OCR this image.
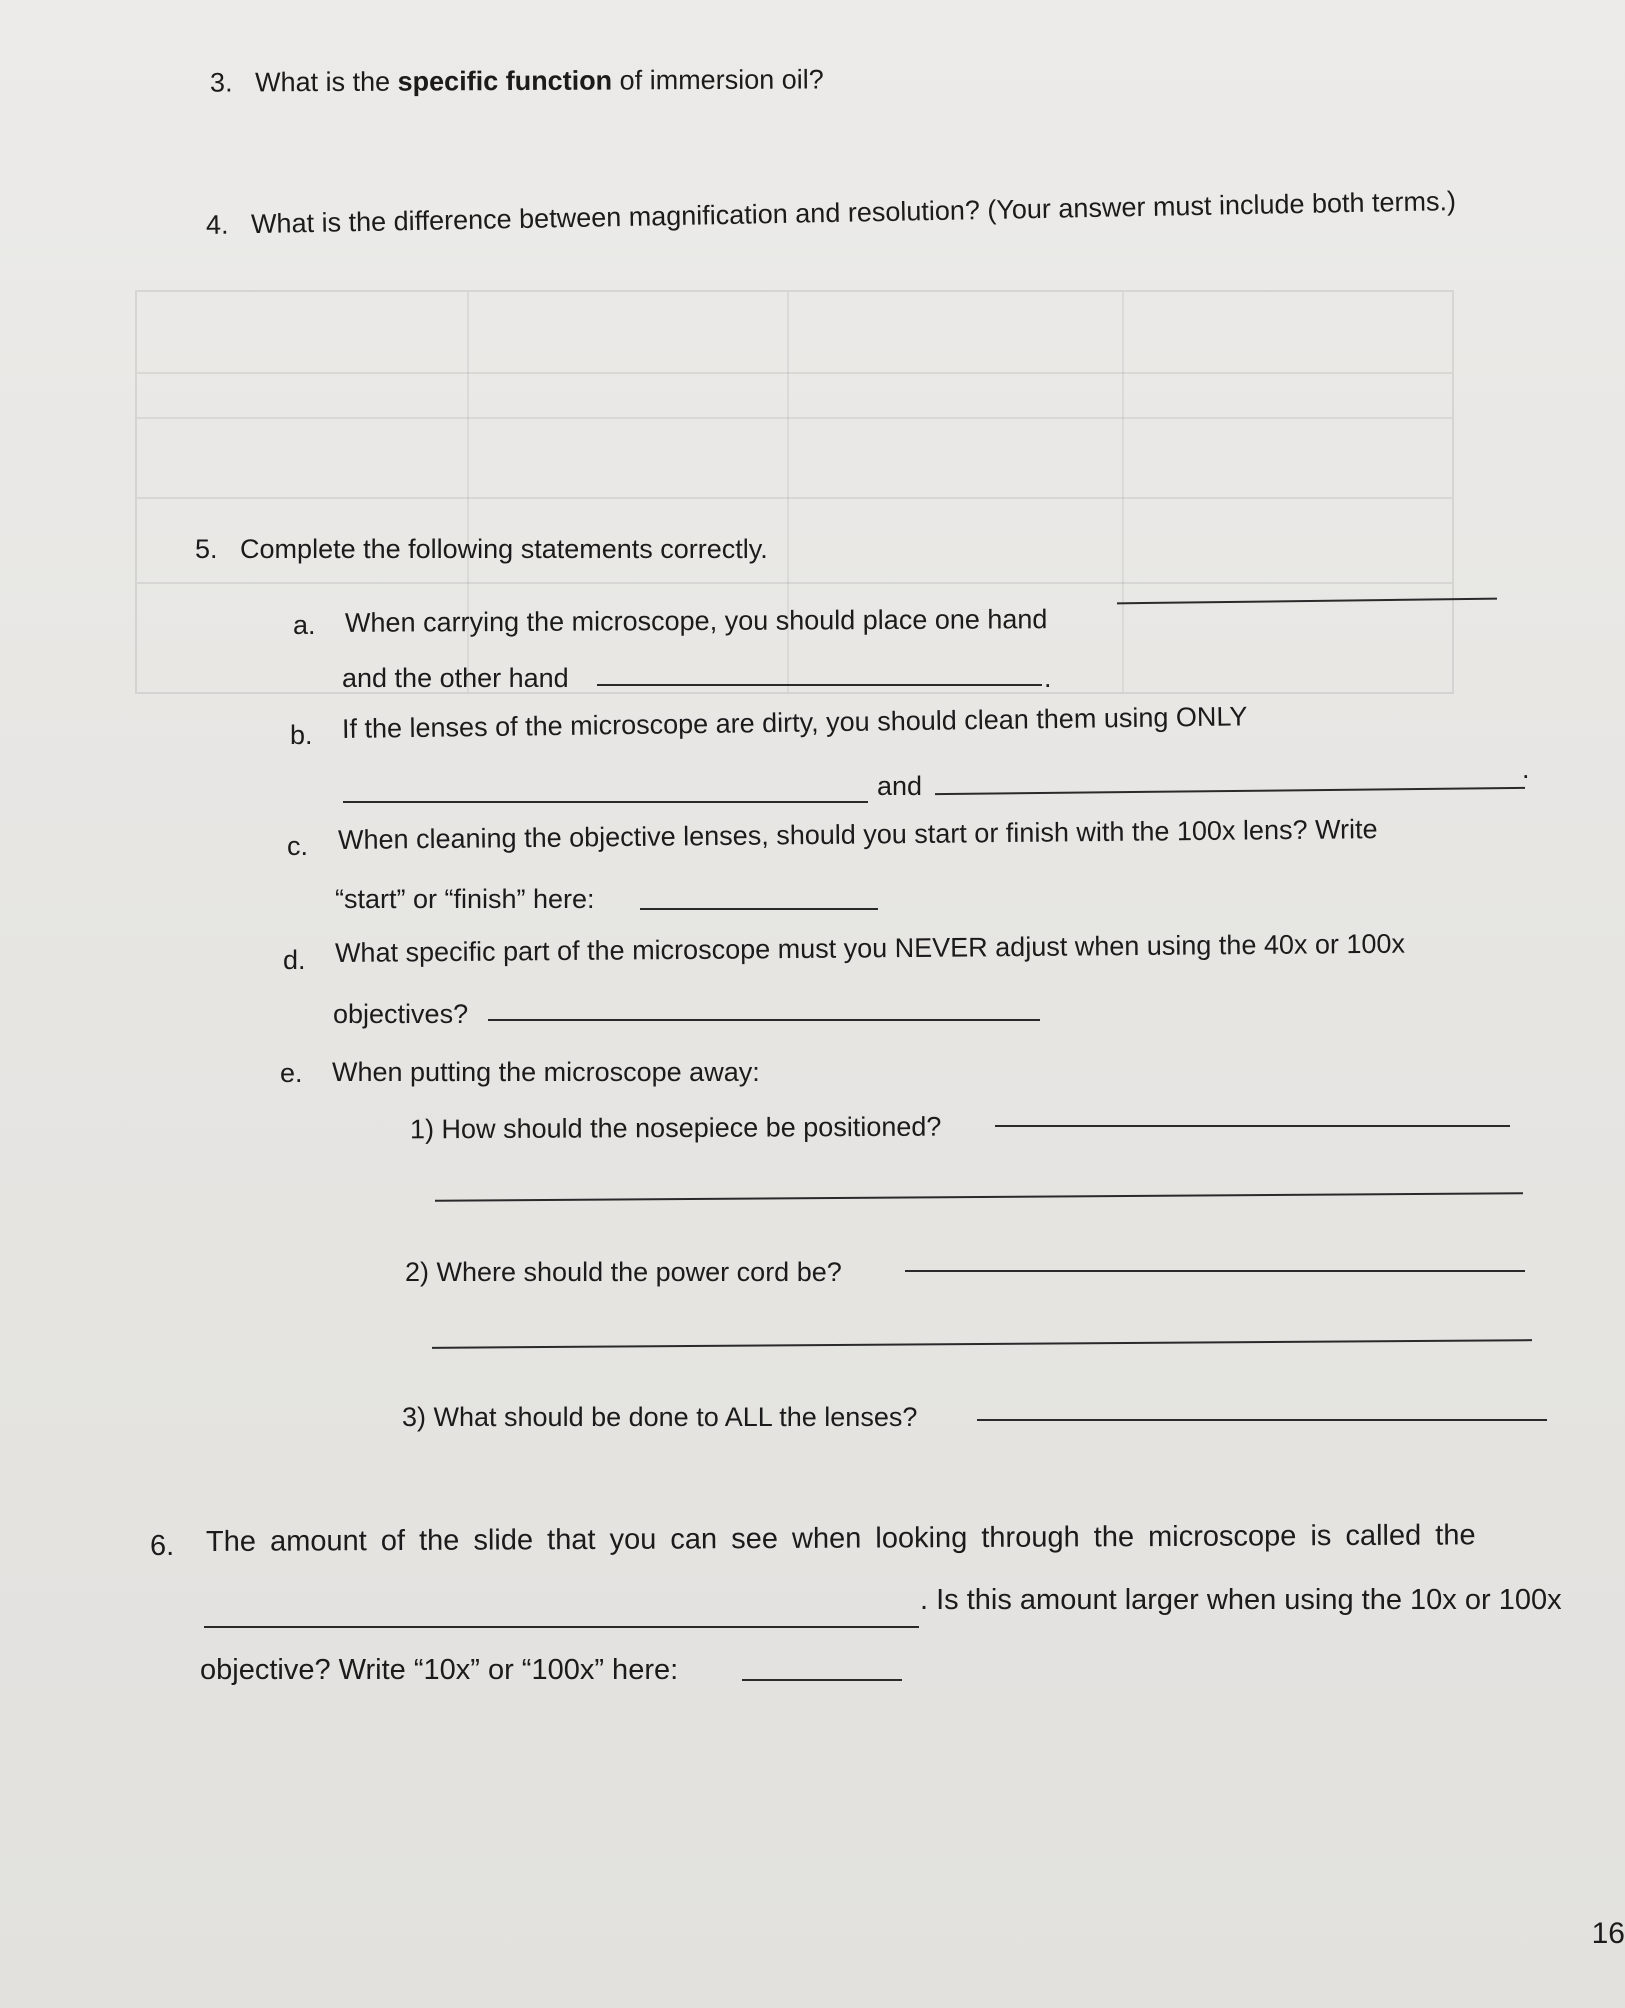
3. What is the specific function of immersion oil?
4. What is the difference between magnification and resolution? (Your answer must include both terms.)
5. Complete the following statements correctly.
a. When carrying the microscope, you should place one hand
and the other hand	.
b. If the lenses of the microscope are dirty, you should clean them using ONLY
and
.
c. When cleaning the objective lenses, should you start or finish with the 100x lens? Write
“start” or “finish” here:
d. What specific part of the microscope must you NEVER adjust when using the 40x or 100x
objectives?
e. When putting the microscope away:
1) How should the nosepiece be positioned?
2) Where should the power cord be?
3) What should be done to ALL the lenses?
6. The amount of the slide that you can see when looking through the microscope is called the
. Is this amount larger when using the 10x or 100x
objective? Write “10x” or “100x” here:
16
